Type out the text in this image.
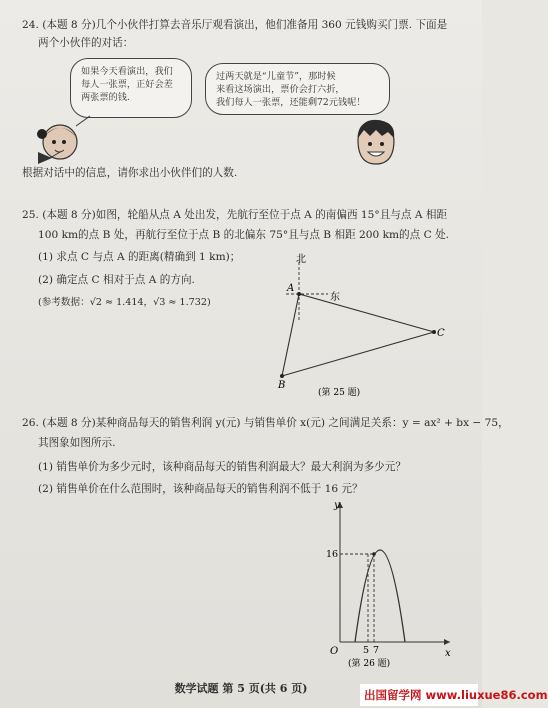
24. (本题 8 分)几个小伙伴打算去音乐厅观看演出，他们准备用 360 元钱购买门票. 下面是
两个小伙伴的对话：
如果今天看演出，我们
每人一张票，正好会差
两张票的钱.
过两天就是“儿童节”，那时候
来看这场演出，票价会打六折，
我们每人一张票，还能剩72元钱呢！
根据对话中的信息，请你求出小伙伴们的人数.
25. (本题 8 分)如图，轮船从点 A 处出发，先航行至位于点 A 的南偏西 15°且与点 A 相距
100 km的点 B 处，再航行至位于点 B 的北偏东 75°且与点 B 相距 200 km的点 C 处.
(1) 求点 C 与点 A 的距离(精确到 1 km)；
(2) 确定点 C 相对于点 A 的方向.
(参考数据：√2 ≈ 1.414，√3 ≈ 1.732)
北
东
A
B
C
(第 25 题)
26. (本题 8 分)某种商品每天的销售利润 y(元) 与销售单价 x(元) 之间满足关系：y = ax² + bx − 75，
其图象如图所示.
(1) 销售单价为多少元时，该种商品每天的销售利润最大？最大利润为多少元？
(2) 销售单价在什么范围时，该种商品每天的销售利润不低于 16 元？
y
x
O
16
5 7
(第 26 题)
数学试题 第 5 页(共 6 页)	出国留学网 www.liuxue86.com
